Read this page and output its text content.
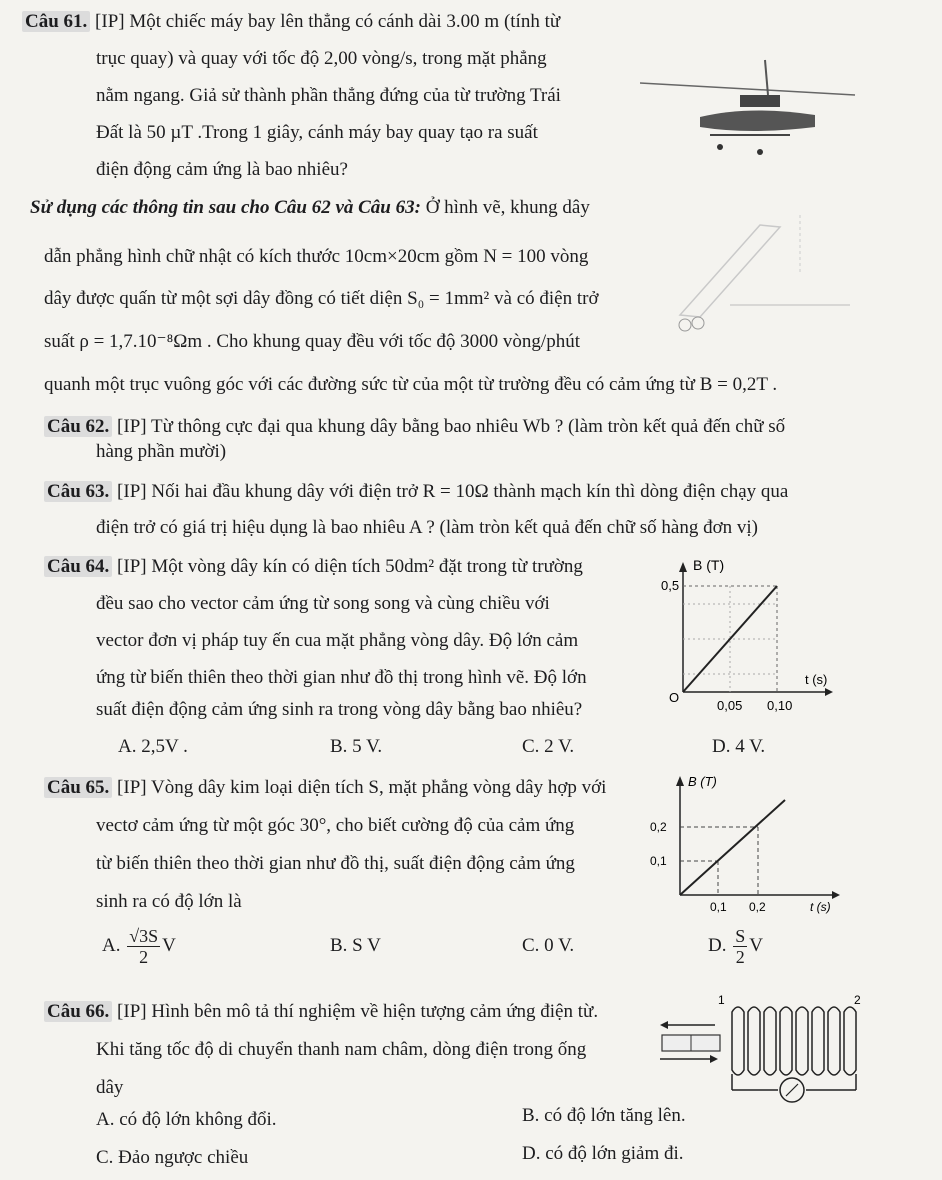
Câu 61. [IP] Một chiếc máy bay lên thẳng có cánh dài 3.00 m (tính từ
trục quay) và quay với tốc độ 2,00 vòng/s, trong mặt phẳng
nằm ngang. Giả sử thành phần thẳng đứng của từ trường Trái
Đất là 50 µT .Trong 1 giây, cánh máy bay quay tạo ra suất
điện động cảm ứng là bao nhiêu?
Sử dụng các thông tin sau cho Câu 62 và Câu 63: Ở hình vẽ, khung dây
dẫn phẳng hình chữ nhật có kích thước 10cm×20cm gồm N = 100 vòng
dây được quấn từ một sợi dây đồng có tiết diện S₀ = 1mm² và có điện trở
suất ρ = 1,7.10⁻⁸Ωm . Cho khung quay đều với tốc độ 3000 vòng/phút
quanh một trục vuông góc với các đường sức từ của một từ trường đều có cảm ứng từ B = 0,2T .
Câu 62. [IP] Từ thông cực đại qua khung dây bằng bao nhiêu Wb ? (làm tròn kết quả đến chữ số
hàng phần mười)
Câu 63. [IP] Nối hai đầu khung dây với điện trở R = 10Ω thành mạch kín thì dòng điện chạy qua
điện trở có giá trị hiệu dụng là bao nhiêu A ? (làm tròn kết quả đến chữ số hàng đơn vị)
Câu 64. [IP] Một vòng dây kín có diện tích 50dm² đặt trong từ trường
đều sao cho vector cảm ứng từ song song và cùng chiều với
vector đơn vị pháp tuy ến cua mặt phẳng vòng dây. Độ lớn cảm
ứng từ biến thiên theo thời gian như đồ thị trong hình vẽ. Độ lớn
suất điện động cảm ứng sinh ra trong vòng dây bằng bao nhiêu?
B (T)
0,5
O
t (s)
0,05 0,10
A. 2,5V .	B. 5 V.	C. 2 V.	D. 4 V.
Câu 65. [IP] Vòng dây kim loại diện tích S, mặt phẳng vòng dây hợp với
vectơ cảm ứng từ một góc 30°, cho biết cường độ của cảm ứng
từ biến thiên theo thời gian như đồ thị, suất điện động cảm ứng
sinh ra có độ lớn là
B (T)
0,2
0,1
t (s)
0,1 0,2
A. $\frac{√3S}{2}$ V	B. S V	C. 0 V.	D. $\frac{S}{2}$ V
Câu 66. [IP] Hình bên mô tả thí nghiệm về hiện tượng cảm ứng điện từ.
Khi tăng tốc độ di chuyển thanh nam châm, dòng điện trong ống
dây
1	2
A. có độ lớn không đổi.	B. có độ lớn tăng lên.
C. Đảo ngược chiều	D. có độ lớn giảm đi.
